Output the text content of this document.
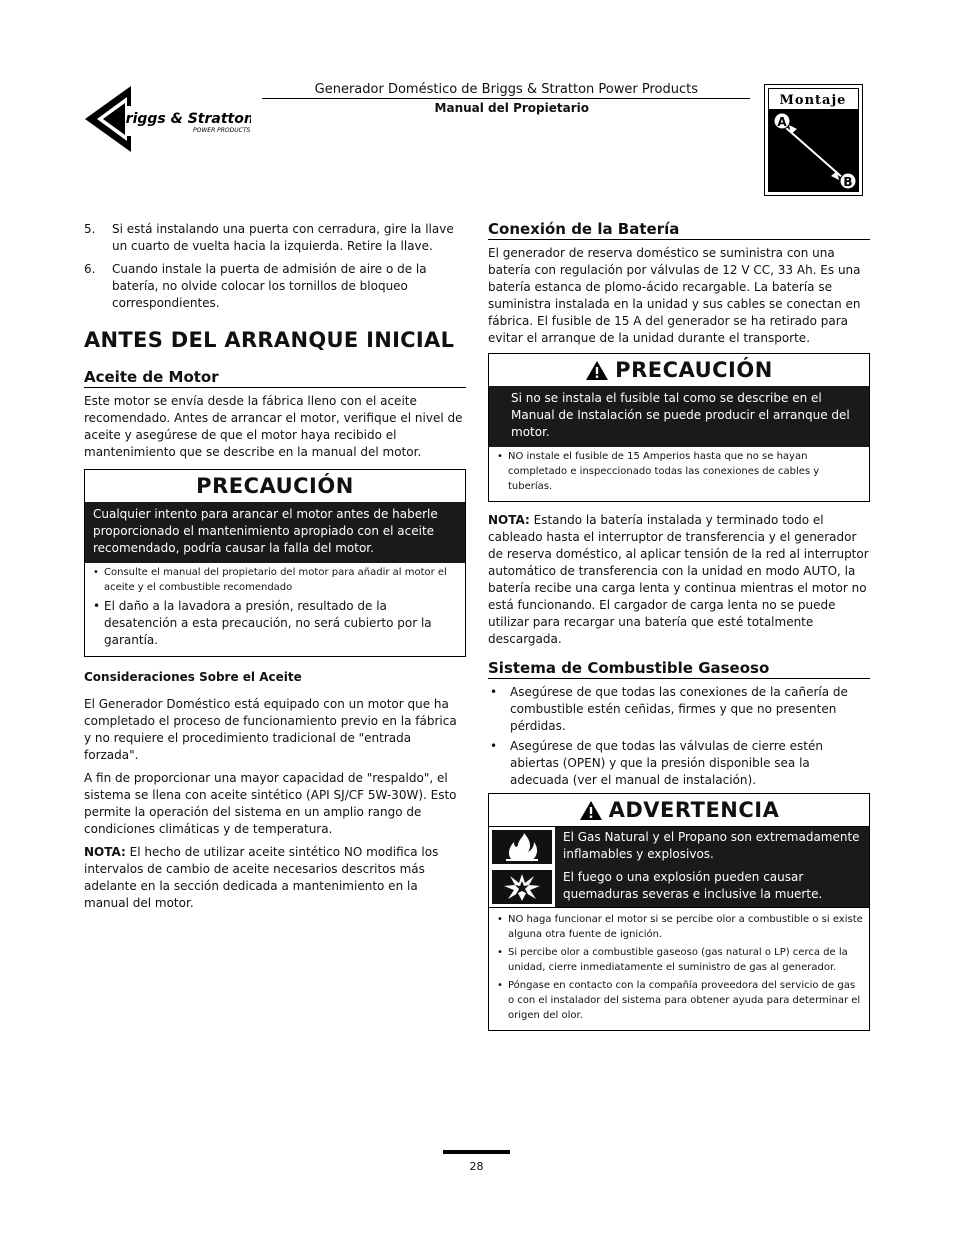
Briggs & Stratton
POWER PRODUCTS
Generador Doméstico de Briggs & Stratton Power Products
Manual del Propietario	Montaje
A
B
5. Si está instalando una puerta con cerradura, gire la llave un cuarto de vuelta hacia la izquierda. Retire la llave.
6. Cuando instale la puerta de admisión de aire o de la batería, no olvide colocar los tornillos de bloqueo correspondientes.
ANTES DEL ARRANQUE INICIAL
Aceite de Motor

Este motor se envía desde la fábrica lleno con el aceite recomendado. Antes de arrancar el motor, verifique el nivel de aceite y asegúrese de que el motor haya recibido el mantenimiento que se describe en la manual del motor.

PRECAUCIÓN
Cualquier intento para arancar el motor antes de haberle proporcionado el mantenimiento apropiado con el aceite recomendado, podría causar la falla del motor.
• Consulte el manual del propietario del motor para añadir al motor el aceite y el combustible recomendado
• El daño a la lavadora a presión, resultado de la desatención a esta precaución, no será cubierto por la garantía.
Consideraciones Sobre el Aceite

El Generador Doméstico está equipado con un motor que ha completado el proceso de funcionamiento previo en la fábrica y no requiere el procedimiento tradicional de "entrada forzada".

A fin de proporcionar una mayor capacidad de "respaldo", el sistema se llena con aceite sintético (API SJ/CF 5W-30W). Esto permite la operación del sistema en un amplio rango de condiciones climáticas y de temperatura.

NOTA: El hecho de utilizar aceite sintético NO modifica los intervalos de cambio de aceite necesarios descritos más adelante en la sección dedicada a mantenimiento en la manual del motor.

Conexión de la Batería

El generador de reserva doméstico se suministra con una batería con regulación por válvulas de 12 V CC, 33 Ah. Es una batería estanca de plomo-ácido recargable. La batería se suministra instalada en la unidad y sus cables se conectan en fábrica. El fusible de 15 A del generador se ha retirado para evitar el arranque de la unidad durante el transporte.

PRECAUCIÓN
Si no se instala el fusible tal como se describe en el Manual de Instalación se puede producir el arranque del motor.
• NO instale el fusible de 15 Amperios hasta que no se hayan completado e inspeccionado todas las conexiones de cables y tuberías.

NOTA: Estando la batería instalada y terminado todo el cableado hasta el interruptor de transferencia y el generador de reserva doméstico, al aplicar tensión de la red al interruptor automático de transferencia con la unidad en modo AUTO, la batería recibe una carga lenta y continua mientras el motor no está funcionando. El cargador de carga lenta no se puede utilizar para recargar una batería que esté totalmente descargada.

Sistema de Combustible Gaseoso
• Asegúrese de que todas las conexiones de la cañería de combustible estén ceñidas, firmes y que no presenten pérdidas.
• Asegúrese de que todas las válvulas de cierre estén abiertas (OPEN) y que la presión disponible sea la adecuada (ver el manual de instalación).
ADVERTENCIA
El Gas Natural y el Propano son extremadamente inflamables y explosivos.
El fuego o una explosión pueden causar quemaduras severas e inclusive la muerte.
• NO haga funcionar el motor si se percibe olor a combustible o si existe alguna otra fuente de ignición.
• Si percibe olor a combustible gaseoso (gas natural o LP) cerca de la unidad, cierre inmediatamente el suministro de gas al generador.
• Póngase en contacto con la compañía proveedora del servicio de gas o con el instalador del sistema para obtener ayuda para determinar el origen del olor.
28
